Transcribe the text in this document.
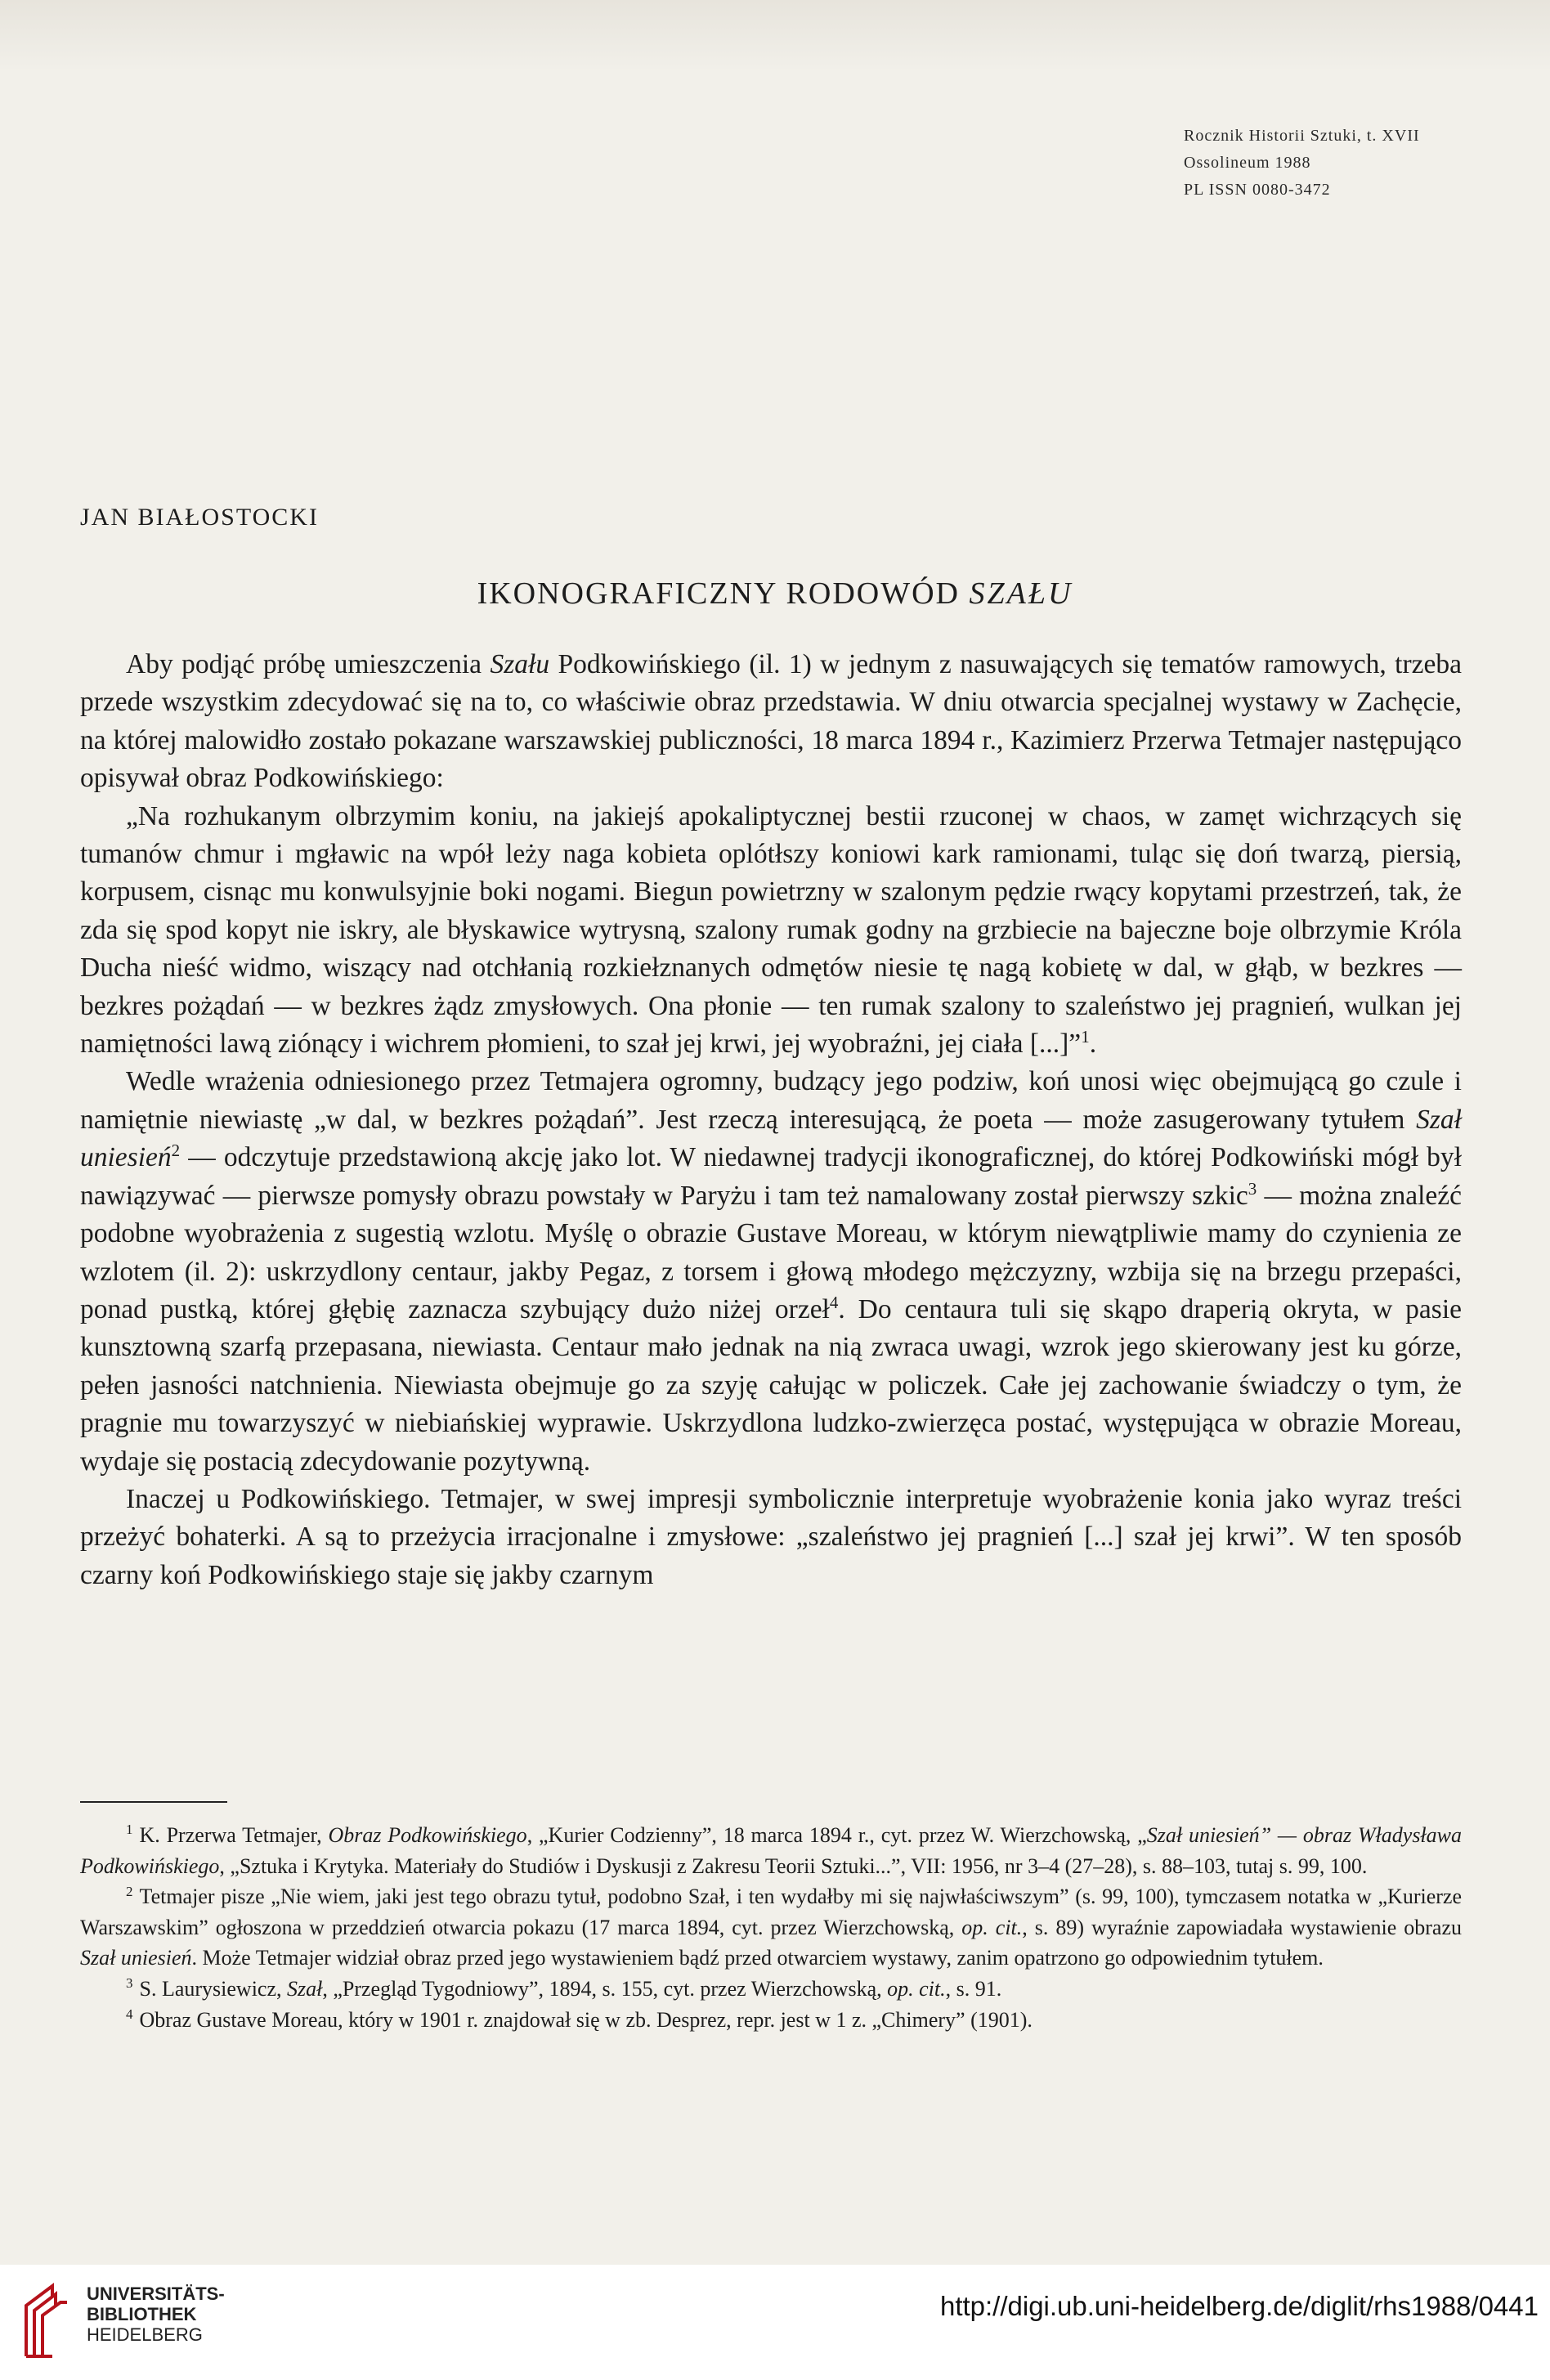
Rocznik Historii Sztuki, t. XVII
Ossolineum 1988
PL ISSN 0080-3472
JAN BIAŁOSTOCKI
IKONOGRAFICZNY RODOWÓD SZAŁU

Aby podjąć próbę umieszczenia Szału Podkowińskiego (il. 1) w jednym z nasuwających się tematów ramowych, trzeba przede wszystkim zdecydować się na to, co właściwie obraz przedstawia. W dniu otwarcia specjalnej wystawy w Zachęcie, na której malowidło zostało pokazane warszawskiej publiczności, 18 marca 1894 r., Kazimierz Przerwa Tetmajer następująco opisywał obraz Podkowińskiego:

„Na rozhukanym olbrzymim koniu, na jakiejś apokaliptycznej bestii rzuconej w chaos, w zamęt wichrzących się tumanów chmur i mgławic na wpół leży naga kobieta oplótłszy koniowi kark ramionami, tuląc się doń twarzą, piersią, korpusem, cisnąc mu konwulsyjnie boki nogami. Biegun powietrzny w szalonym pędzie rwący kopytami przestrzeń, tak, że zda się spod kopyt nie iskry, ale błyskawice wytrysną, szalony rumak godny na grzbiecie na bajeczne boje olbrzymie Króla Ducha nieść widmo, wiszący nad otchłanią rozkiełznanych odmętów niesie tę nagą kobietę w dal, w głąb, w bezkres — bezkres pożądań — w bezkres żądz zmysłowych. Ona płonie — ten rumak szalony to szaleństwo jej pragnień, wulkan jej namiętności lawą ziónący i wichrem płomieni, to szał jej krwi, jej wyobraźni, jej ciała [...]”$^1$.

Wedle wrażenia odniesionego przez Tetmajera ogromny, budzący jego podziw, koń unosi więc obejmującą go czule i namiętnie niewiastę „w dal, w bezkres pożądań”. Jest rzeczą interesującą, że poeta — może zasugerowany tytułem Szał uniesień$^2$ — odczytuje przedstawioną akcję jako lot. W niedawnej tradycji ikonograficznej, do której Podkowiński mógł był nawiązywać — pierwsze pomysły obrazu powstały w Paryżu i tam też namalowany został pierwszy szkic$^3$ — można znaleźć podobne wyobrażenia z sugestią wzlotu. Myślę o obrazie Gustave Moreau, w którym niewątpliwie mamy do czynienia ze wzlotem (il. 2): uskrzydlony centaur, jakby Pegaz, z torsem i głową młodego mężczyzny, wzbija się na brzegu przepaści, ponad pustką, której głębię zaznacza szybujący dużo niżej orzeł$^4$. Do centaura tuli się skąpo draperią okryta, w pasie kunsztowną szarfą przepasana, niewiasta. Centaur mało jednak na nią zwraca uwagi, wzrok jego skierowany jest ku górze, pełen jasności natchnienia. Niewiasta obejmuje go za szyję całując w policzek. Całe jej zachowanie świadczy o tym, że pragnie mu towarzyszyć w niebiańskiej wyprawie. Uskrzydlona ludzko-zwierzęca postać, występująca w obrazie Moreau, wydaje się postacią zdecydowanie pozytywną.

Inaczej u Podkowińskiego. Tetmajer, w swej impresji symbolicznie interpretuje wyobrażenie konia jako wyraz treści przeżyć bohaterki. A są to przeżycia irracjonalne i zmysłowe: „szaleństwo jej pragnień [...] szał jej krwi”. W ten sposób czarny koń Podkowińskiego staje się jakby czarnym

$^1$ K. Przerwa Tetmajer, Obraz Podkowińskiego, „Kurier Codzienny”, 18 marca 1894 r., cyt. przez W. Wierzchowską, „Szał uniesień” — obraz Władysława Podkowińskiego, „Sztuka i Krytyka. Materiały do Studiów i Dyskusji z Zakresu Teorii Sztuki...”, VII: 1956, nr 3–4 (27–28), s. 88–103, tutaj s. 99, 100.

$^2$ Tetmajer pisze „Nie wiem, jaki jest tego obrazu tytuł, podobno Szał, i ten wydałby mi się najwłaściwszym” (s. 99, 100), tymczasem notatka w „Kurierze Warszawskim” ogłoszona w przeddzień otwarcia pokazu (17 marca 1894, cyt. przez Wierzchowską, op. cit., s. 89) wyraźnie zapowiadała wystawienie obrazu Szał uniesień. Może Tetmajer widział obraz przed jego wystawieniem bądź przed otwarciem wystawy, zanim opatrzono go odpowiednim tytułem.

$^3$ S. Laurysiewicz, Szał, „Przegląd Tygodniowy”, 1894, s. 155, cyt. przez Wierzchowską, op. cit., s. 91.

$^4$ Obraz Gustave Moreau, który w 1901 r. znajdował się w zb. Desprez, repr. jest w 1 z. „Chimery” (1901).

UNIVERSITÄTS-
BIBLIOTHEK
HEIDELBERG
http://digi.ub.uni-heidelberg.de/diglit/rhs1988/0441
